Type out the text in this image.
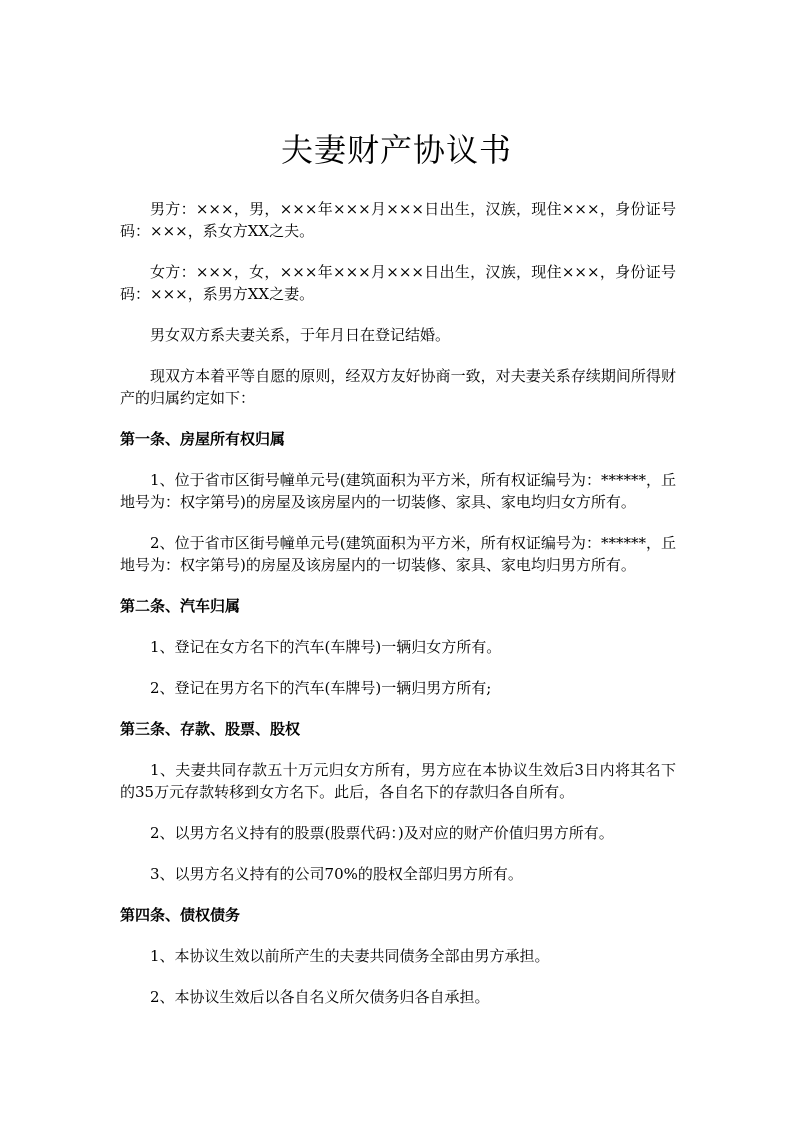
夫妻财产协议书

男方：×××，男，×××年×××月×××日出生，汉族，现住×××，身份证号码：×××，系女方XX之夫。

女方：×××，女，×××年×××月×××日出生，汉族，现住×××，身份证号码：×××，系男方XX之妻。

男女双方系夫妻关系，于年月日在登记结婚。

现双方本着平等自愿的原则，经双方友好协商一致，对夫妻关系存续期间所得财产的归属约定如下：

第一条、房屋所有权归属

1、位于省市区街号幢单元号(建筑面积为平方米，所有权证编号为：******，丘地号为：权字第号)的房屋及该房屋内的一切装修、家具、家电均归女方所有。

2、位于省市区街号幢单元号(建筑面积为平方米，所有权证编号为：******，丘地号为：权字第号)的房屋及该房屋内的一切装修、家具、家电均归男方所有。

第二条、汽车归属

1、登记在女方名下的汽车(车牌号)一辆归女方所有。

2、登记在男方名下的汽车(车牌号)一辆归男方所有;

第三条、存款、股票、股权

1、夫妻共同存款五十万元归女方所有，男方应在本协议生效后3日内将其名下的35万元存款转移到女方名下。此后，各自名下的存款归各自所有。

2、以男方名义持有的股票(股票代码：)及对应的财产价值归男方所有。

3、以男方名义持有的公司70%的股权全部归男方所有。

第四条、债权债务

1、本协议生效以前所产生的夫妻共同债务全部由男方承担。

2、本协议生效后以各自名义所欠债务归各自承担。
